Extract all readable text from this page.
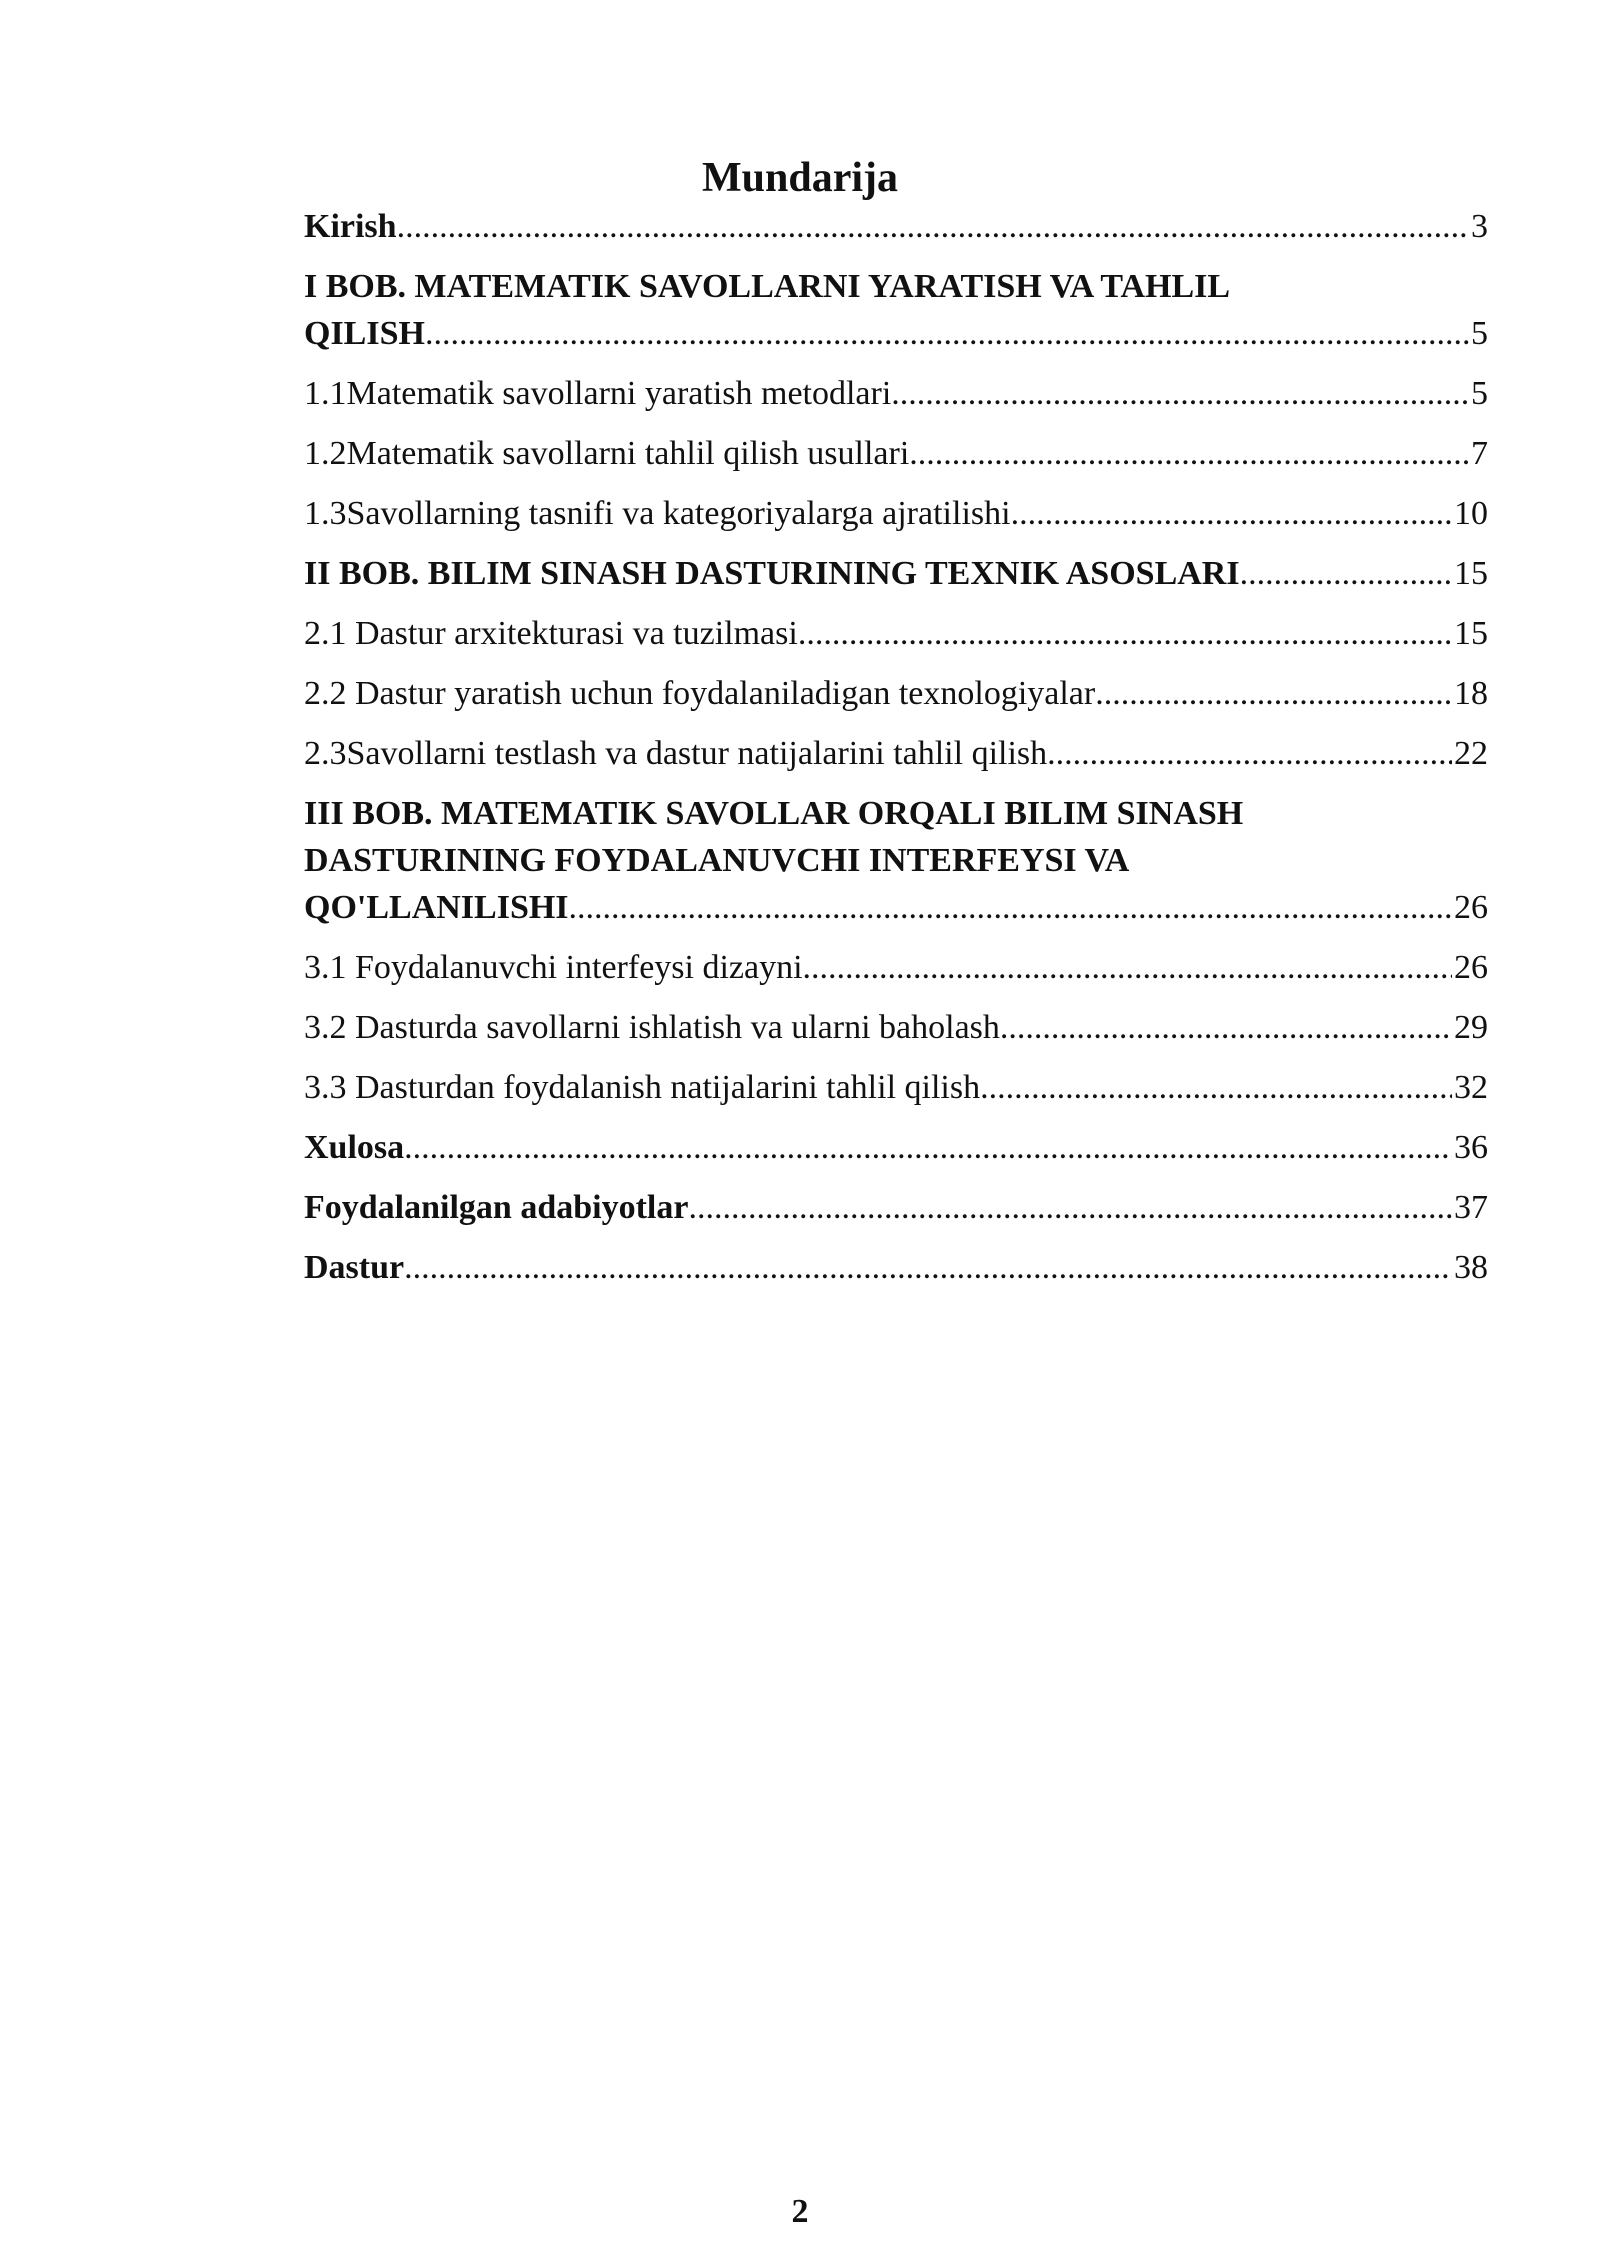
Mundarija
Kirish .....	3
I BOB. MATEMATIK SAVOLLARNI YARATISH VA TAHLIL
QILISH .....	5
1.1Matematik savollarni yaratish metodlari .....	5
1.2Matematik savollarni tahlil qilish usullari .....	7
1.3Savollarning tasnifi va kategoriyalarga ajratilishi .....	10
II BOB. BILIM SINASH DASTURINING TEXNIK ASOSLARI .....	15
2.1 Dastur arxitekturasi va tuzilmasi .....	15
2.2 Dastur yaratish uchun foydalaniladigan texnologiyalar .....	18
2.3Savollarni testlash va dastur natijalarini tahlil qilish .....	22
III BOB. MATEMATIK SAVOLLAR ORQALI BILIM SINASH
DASTURINING FOYDALANUVCHI INTERFEYSI VA
QO'LLANILISHI .....	26
3.1 Foydalanuvchi interfeysi dizayni .....	26
3.2 Dasturda savollarni ishlatish va ularni baholash .....	29
3.3 Dasturdan foydalanish natijalarini tahlil qilish .....	32
Xulosa .....	36
Foydalanilgan adabiyotlar .....	37
Dastur .....	38
2
